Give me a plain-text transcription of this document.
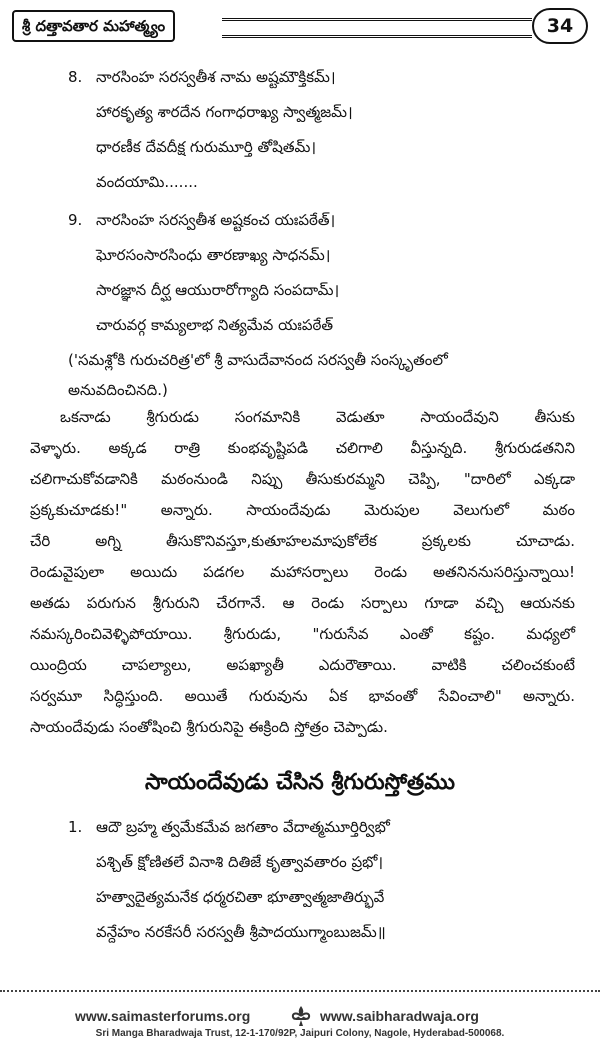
శ్రీ దత్తావతార మహాత్మ్యం	34
8. నారసింహ సరస్వతీశ నామ అష్టమౌక్తికమ్।
హారకృత్య శారదేన గంగాధరాఖ్య స్వాత్మజమ్।
ధారణీక దేవదీక్ష గురుమూర్తి తోషితమ్।
వందయామి.......
9. నారసింహ సరస్వతీశ అష్టకంచ యఃపఠేత్।
ఘోరసంసారసింధు తారణాఖ్య సాధనమ్।
సారజ్ఞాన దీర్ఘ ఆయురారోగ్యాది సంపదామ్।
చారువర్గ కామ్యలాభ నిత్యమేవ యఃపఠేత్
('సమశ్లోకి గురుచరిత్ర'లో శ్రీ వాసుదేవానంద సరస్వతీ సంస్కృతంలో
అనువదించినది.)
ఒకనాడు శ్రీగురుడు సంగమానికి వెడుతూ సాయందేవుని తీసుకు
వెళ్ళారు. అక్కడ రాత్రి కుంభవృష్టిపడి చలిగాలి వీస్తున్నది. శ్రీగురుడతనిని
చలిగాచుకోవడానికి మఠంనుండి నిప్పు తీసుకురమ్మని చెప్పి, "దారిలో ఎక్కడా
ప్రక్కకుచూడకు!" అన్నారు. సాయందేవుడు మెరుపుల వెలుగులో మఠం
చేరి అగ్ని తీసుకొనివస్తూ,కుతూహలమాపుకోలేక ప్రక్కలకు చూచాడు.
రెండువైపులా అయిదు పడగల మహాసర్పాలు రెండు అతనిననుసరిస్తున్నాయి!
అతడు పరుగున శ్రీగురుని చేరగానే. ఆ రెండు సర్పాలు గూడా వచ్చి ఆయనకు
నమస్కరించివెళ్ళిపోయాయి. శ్రీగురుడు, "గురుసేవ ఎంతో కష్టం. మధ్యలో
యింద్రియ చాపల్యాలు, అపఖ్యాతీ ఎదురౌతాయి. వాటికి చలించకుంటే
సర్వమూ సిద్ధిస్తుంది. అయితే గురువును ఏక భావంతో సేవించాలి" అన్నారు.
సాయందేవుడు సంతోషించి శ్రీగురునిపై ఈక్రింది స్తోత్రం చెప్పాడు.
సాయందేవుడు చేసిన శ్రీగురుస్తోత్రము
1. ఆదౌ బ్రహ్మ త్వమేకమేవ జగతాం వేదాత్మమూర్తిర్విభో
పశ్చిత్ క్షోణితలే వినాశి దితిజే కృత్వావతారం ప్రభో।
హత్వాదైత్యమనేక ధర్మరచితా భూత్వాత్మజాతిర్భువే
వన్దేహం నరకేసరీ సరస్వతీ శ్రీపాదయుగ్మాంబుజమ్॥
www.saimasterforums.org	www.saibharadwaja.org
Sri Manga Bharadwaja Trust, 12-1-170/92P, Jaipuri Colony, Nagole, Hyderabad-500068.
